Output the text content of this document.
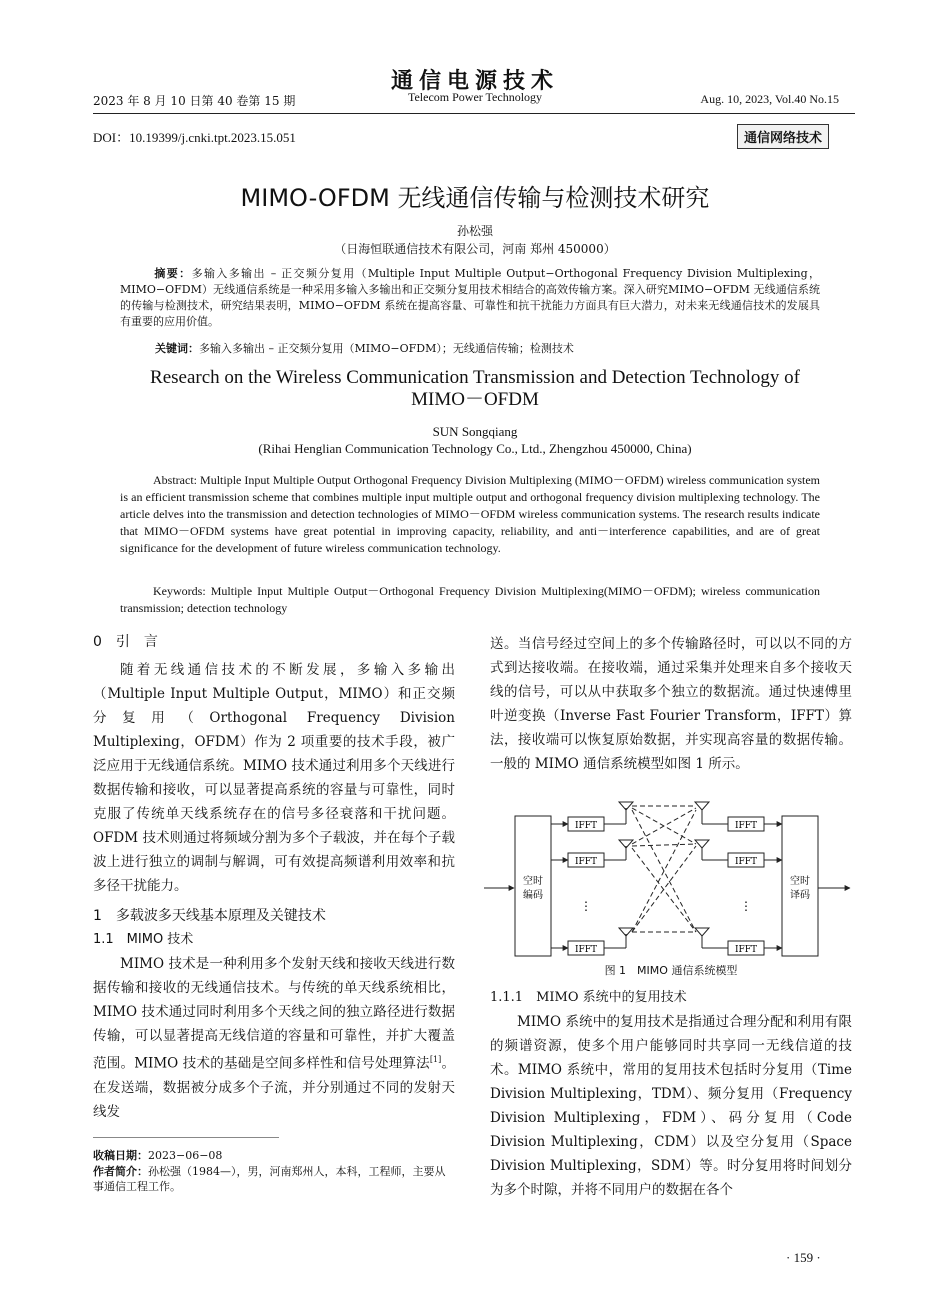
通信电源技术
Telecom Power Technology
2023 年 8 月 10 日第 40 卷第 15 期	Aug. 10, 2023, Vol.40 No.15
DOI：10.19399/j.cnki.tpt.2023.15.051	通信网络技术
MIMO-OFDM 无线通信传输与检测技术研究
孙松强
（日海恒联通信技术有限公司，河南 郑州 450000）
摘要：多输入多输出 – 正交频分复用（Multiple Input Multiple Output−Orthogonal Frequency Division Multiplexing，MIMO−OFDM）无线通信系统是一种采用多输入多输出和正交频分复用技术相结合的高效传输方案。深入研究MIMO−OFDM 无线通信系统的传输与检测技术，研究结果表明，MIMO−OFDM 系统在提高容量、可靠性和抗干扰能力方面具有巨大潜力，对未来无线通信技术的发展具有重要的应用价值。
关键词：多输入多输出 – 正交频分复用（MIMO−OFDM）；无线通信传输；检测技术
Research on the Wireless Communication Transmission and Detection Technology of
MIMO－OFDM
SUN Songqiang
(Rihai Henglian Communication Technology Co., Ltd., Zhengzhou 450000, China)
Abstract: Multiple Input Multiple Output Orthogonal Frequency Division Multiplexing (MIMO－OFDM) wireless communication system is an efficient transmission scheme that combines multiple input multiple output and orthogonal frequency division multiplexing technology. The article delves into the transmission and detection technologies of MIMO－OFDM wireless communication systems. The research results indicate that MIMO－OFDM systems have great potential in improving capacity, reliability, and anti－interference capabilities, and are of great significance for the development of future wireless communication technology.
Keywords: Multiple Input Multiple Output－Orthogonal Frequency Division Multiplexing(MIMO－OFDM); wireless communication transmission; detection technology
0　引　言

随着无线通信技术的不断发展，多输入多输出（Multiple Input Multiple Output，MIMO）和正交频分复用（Orthogonal Frequency Division Multiplexing，OFDM）作为 2 项重要的技术手段，被广泛应用于无线通信系统。MIMO 技术通过利用多个天线进行数据传输和接收，可以显著提高系统的容量与可靠性，同时克服了传统单天线系统存在的信号多径衰落和干扰问题。OFDM 技术则通过将频域分割为多个子载波，并在每个子载波上进行独立的调制与解调，可有效提高频谱利用效率和抗多径干扰能力。

1　多载波多天线基本原理及关键技术
1.1　MIMO 技术

MIMO 技术是一种利用多个发射天线和接收天线进行数据传输和接收的无线通信技术。与传统的单天线系统相比，MIMO 技术通过同时利用多个天线之间的独立路径进行数据传输，可以显著提高无线信道的容量和可靠性，并扩大覆盖范围。MIMO 技术的基础是空间多样性和信号处理算法[1]。在发送端，数据被分成多个子流，并分别通过不同的发射天线发

收稿日期：2023−06−08
作者简介：孙松强（1984—），男，河南郑州人，本科，工程师，主要从事通信工程工作。

送。当信号经过空间上的多个传输路径时，可以以不同的方式到达接收端。在接收端，通过采集并处理来自多个接收天线的信号，可以从中获取多个独立的数据流。通过快速傅里叶逆变换（Inverse Fast Fourier Transform，IFFT）算法，接收端可以恢复原始数据，并实现高容量的数据传输。一般的 MIMO 通信系统模型如图 1 所示。

空时
编码
IFFT
IFFT
IFFT
⋮
IFFT
IFFT
IFFT
⋮
空时
译码
图 1　MIMO 通信系统模型
1.1.1　MIMO 系统中的复用技术

MIMO 系统中的复用技术是指通过合理分配和利用有限的频谱资源，使多个用户能够同时共享同一无线信道的技术。MIMO 系统中，常用的复用技术包括时分复用（Time Division Multiplexing，TDM）、频分复用（Frequency Division Multiplexing，FDM）、码分复用（Code Division Multiplexing，CDM）以及空分复用（Space Division Multiplexing，SDM）等。时分复用将时间划分为多个时隙，并将不同用户的数据在各个

· 159 ·
